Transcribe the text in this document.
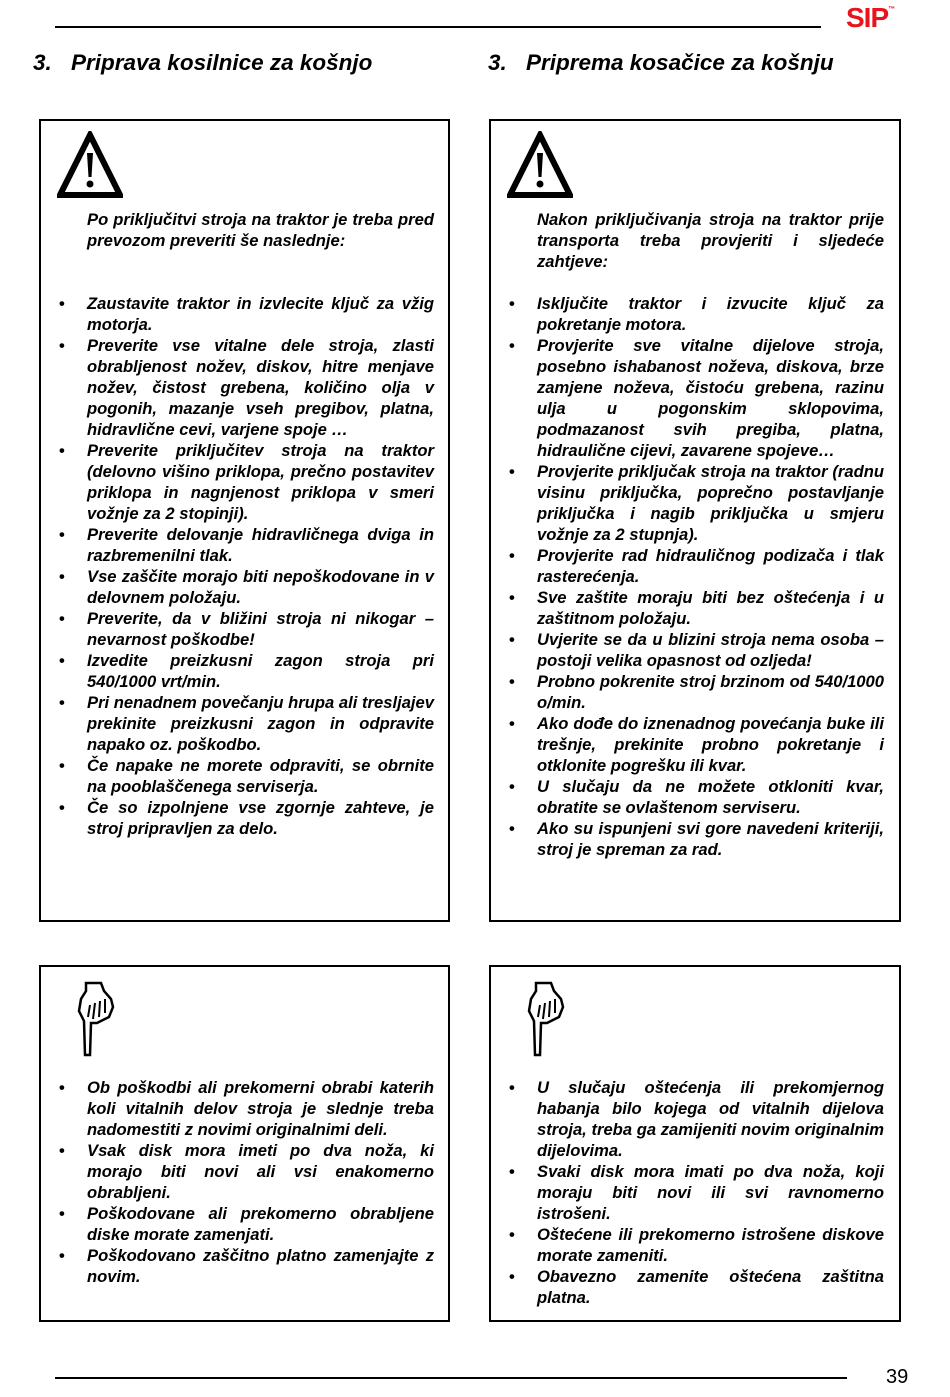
SIP™
3. Priprava kosilnice za košnjo	3. Priprema kosačice za košnju

Po priključitvi stroja na traktor je treba pred prevozom preveriti še naslednje:

• Zaustavite traktor in izvlecite ključ za vžig motorja.
• Preverite vse vitalne dele stroja, zlasti obrabljenost nožev, diskov, hitre menjave nožev, čistost grebena, količino olja v pogonih, mazanje vseh pregibov, platna, hidravlične cevi, varjene spoje …
• Preverite priključitev stroja na traktor (delovno višino priklopa, prečno postavitev priklopa in nagnjenost priklopa v smeri vožnje za 2 stopinji).
• Preverite delovanje hidravličnega dviga in razbremenilni tlak.
• Vse zaščite morajo biti nepoškodovane in v delovnem položaju.
• Preverite, da v bližini stroja ni nikogar – nevarnost poškodbe!
• Izvedite preizkusni zagon stroja pri 540/1000 vrt/min.
• Pri nenadnem povečanju hrupa ali tresljajev prekinite preizkusni zagon in odpravite napako oz. poškodbo.
• Če napake ne morete odpraviti, se obrnite na pooblaščenega serviserja.
• Če so izpolnjene vse zgornje zahteve, je stroj pripravljen za delo.

Nakon priključivanja stroja na traktor prije transporta treba provjeriti i sljedeće zahtjeve:

• Isključite traktor i izvucite ključ za pokretanje motora.
• Provjerite sve vitalne dijelove stroja, posebno ishabanost noževa, diskova, brze zamjene noževa, čistoću grebena, razinu ulja u pogonskim sklopovima, podmazanost svih pregiba, platna, hidraulične cijevi, zavarene spojeve…
• Provjerite priključak stroja na traktor (radnu visinu priključka, poprečno postavljanje priključka i nagib priključka u smjeru vožnje za 2 stupnja).
• Provjerite rad hidrauličnog podizača i tlak rasterećenja.
• Sve zaštite moraju biti bez oštećenja i u zaštitnom položaju.
• Uvjerite se da u blizini stroja nema osoba – postoji velika opasnost od ozljeda!
• Probno pokrenite stroj brzinom od 540/1000 o/min.
• Ako dođe do iznenadnog povećanja buke ili trešnje, prekinite probno pokretanje i otklonite pogrešku ili kvar.
• U slučaju da ne možete otkloniti kvar, obratite se ovlaštenom serviseru.
• Ako su ispunjeni svi gore navedeni kriteriji, stroj je spreman za rad.
• Ob poškodbi ali prekomerni obrabi katerih koli vitalnih delov stroja je slednje treba nadomestiti z novimi originalnimi deli.
• Vsak disk mora imeti po dva noža, ki morajo biti novi ali vsi enakomerno obrabljeni.
• Poškodovane ali prekomerno obrabljene diske morate zamenjati.
• Poškodovano zaščitno platno zamenjajte z novim.
• U slučaju oštećenja ili prekomjernog habanja bilo kojega od vitalnih dijelova stroja, treba ga zamijeniti novim originalnim dijelovima.
• Svaki disk mora imati po dva noža, koji moraju biti novi ili svi ravnomerno istrošeni.
• Oštećene ili prekomerno istrošene diskove morate zameniti.
• Obavezno zamenite oštećena zaštitna platna.
39
